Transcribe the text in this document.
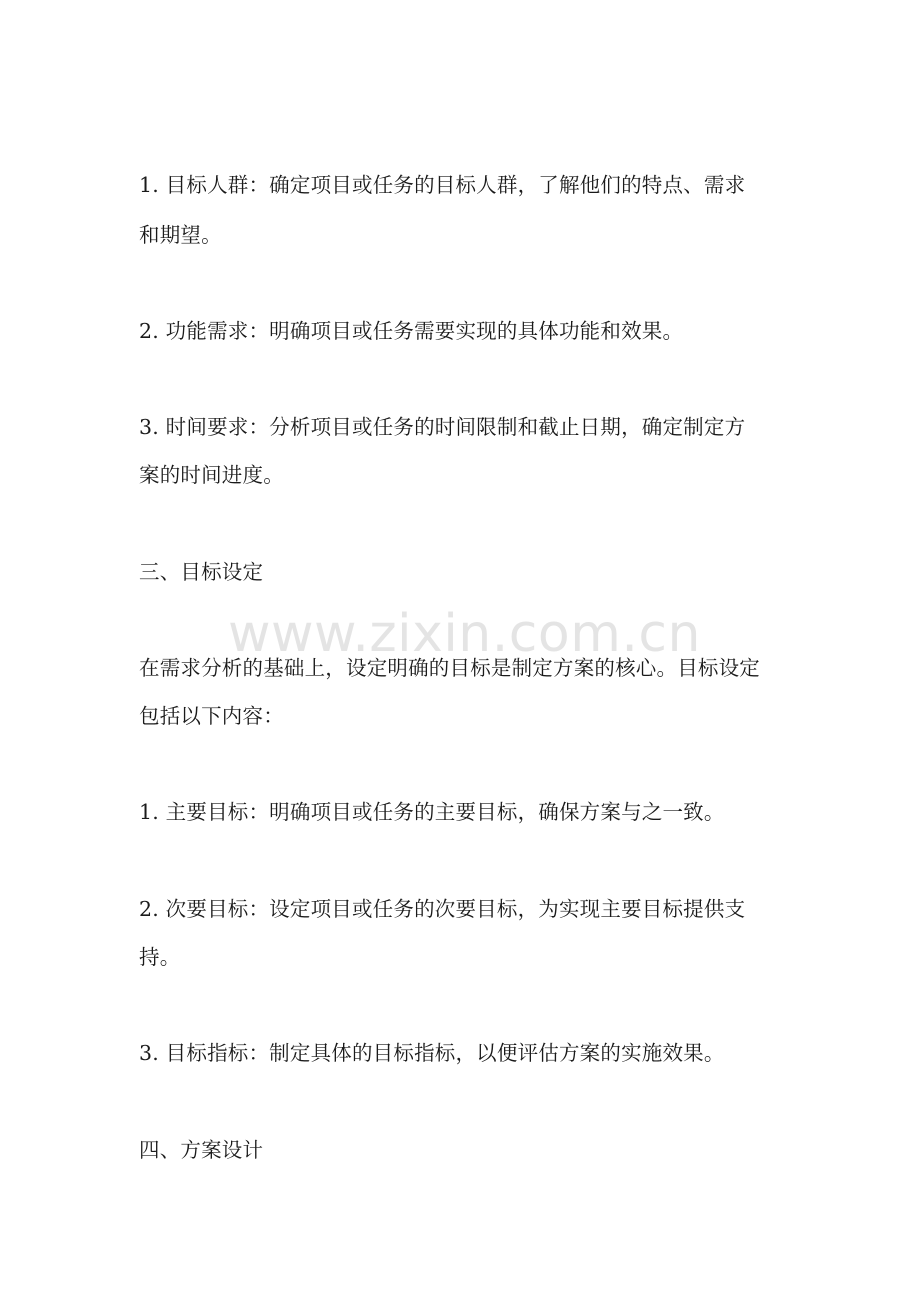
www.zixin.com.cn
1. 目标人群：确定项目或任务的目标人群，了解他们的特点、需求
和期望。
2. 功能需求：明确项目或任务需要实现的具体功能和效果。
3. 时间要求：分析项目或任务的时间限制和截止日期，确定制定方
案的时间进度。
三、目标设定
在需求分析的基础上，设定明确的目标是制定方案的核心。目标设定
包括以下内容：
1. 主要目标：明确项目或任务的主要目标，确保方案与之一致。
2. 次要目标：设定项目或任务的次要目标，为实现主要目标提供支
持。
3. 目标指标：制定具体的目标指标，以便评估方案的实施效果。
四、方案设计
